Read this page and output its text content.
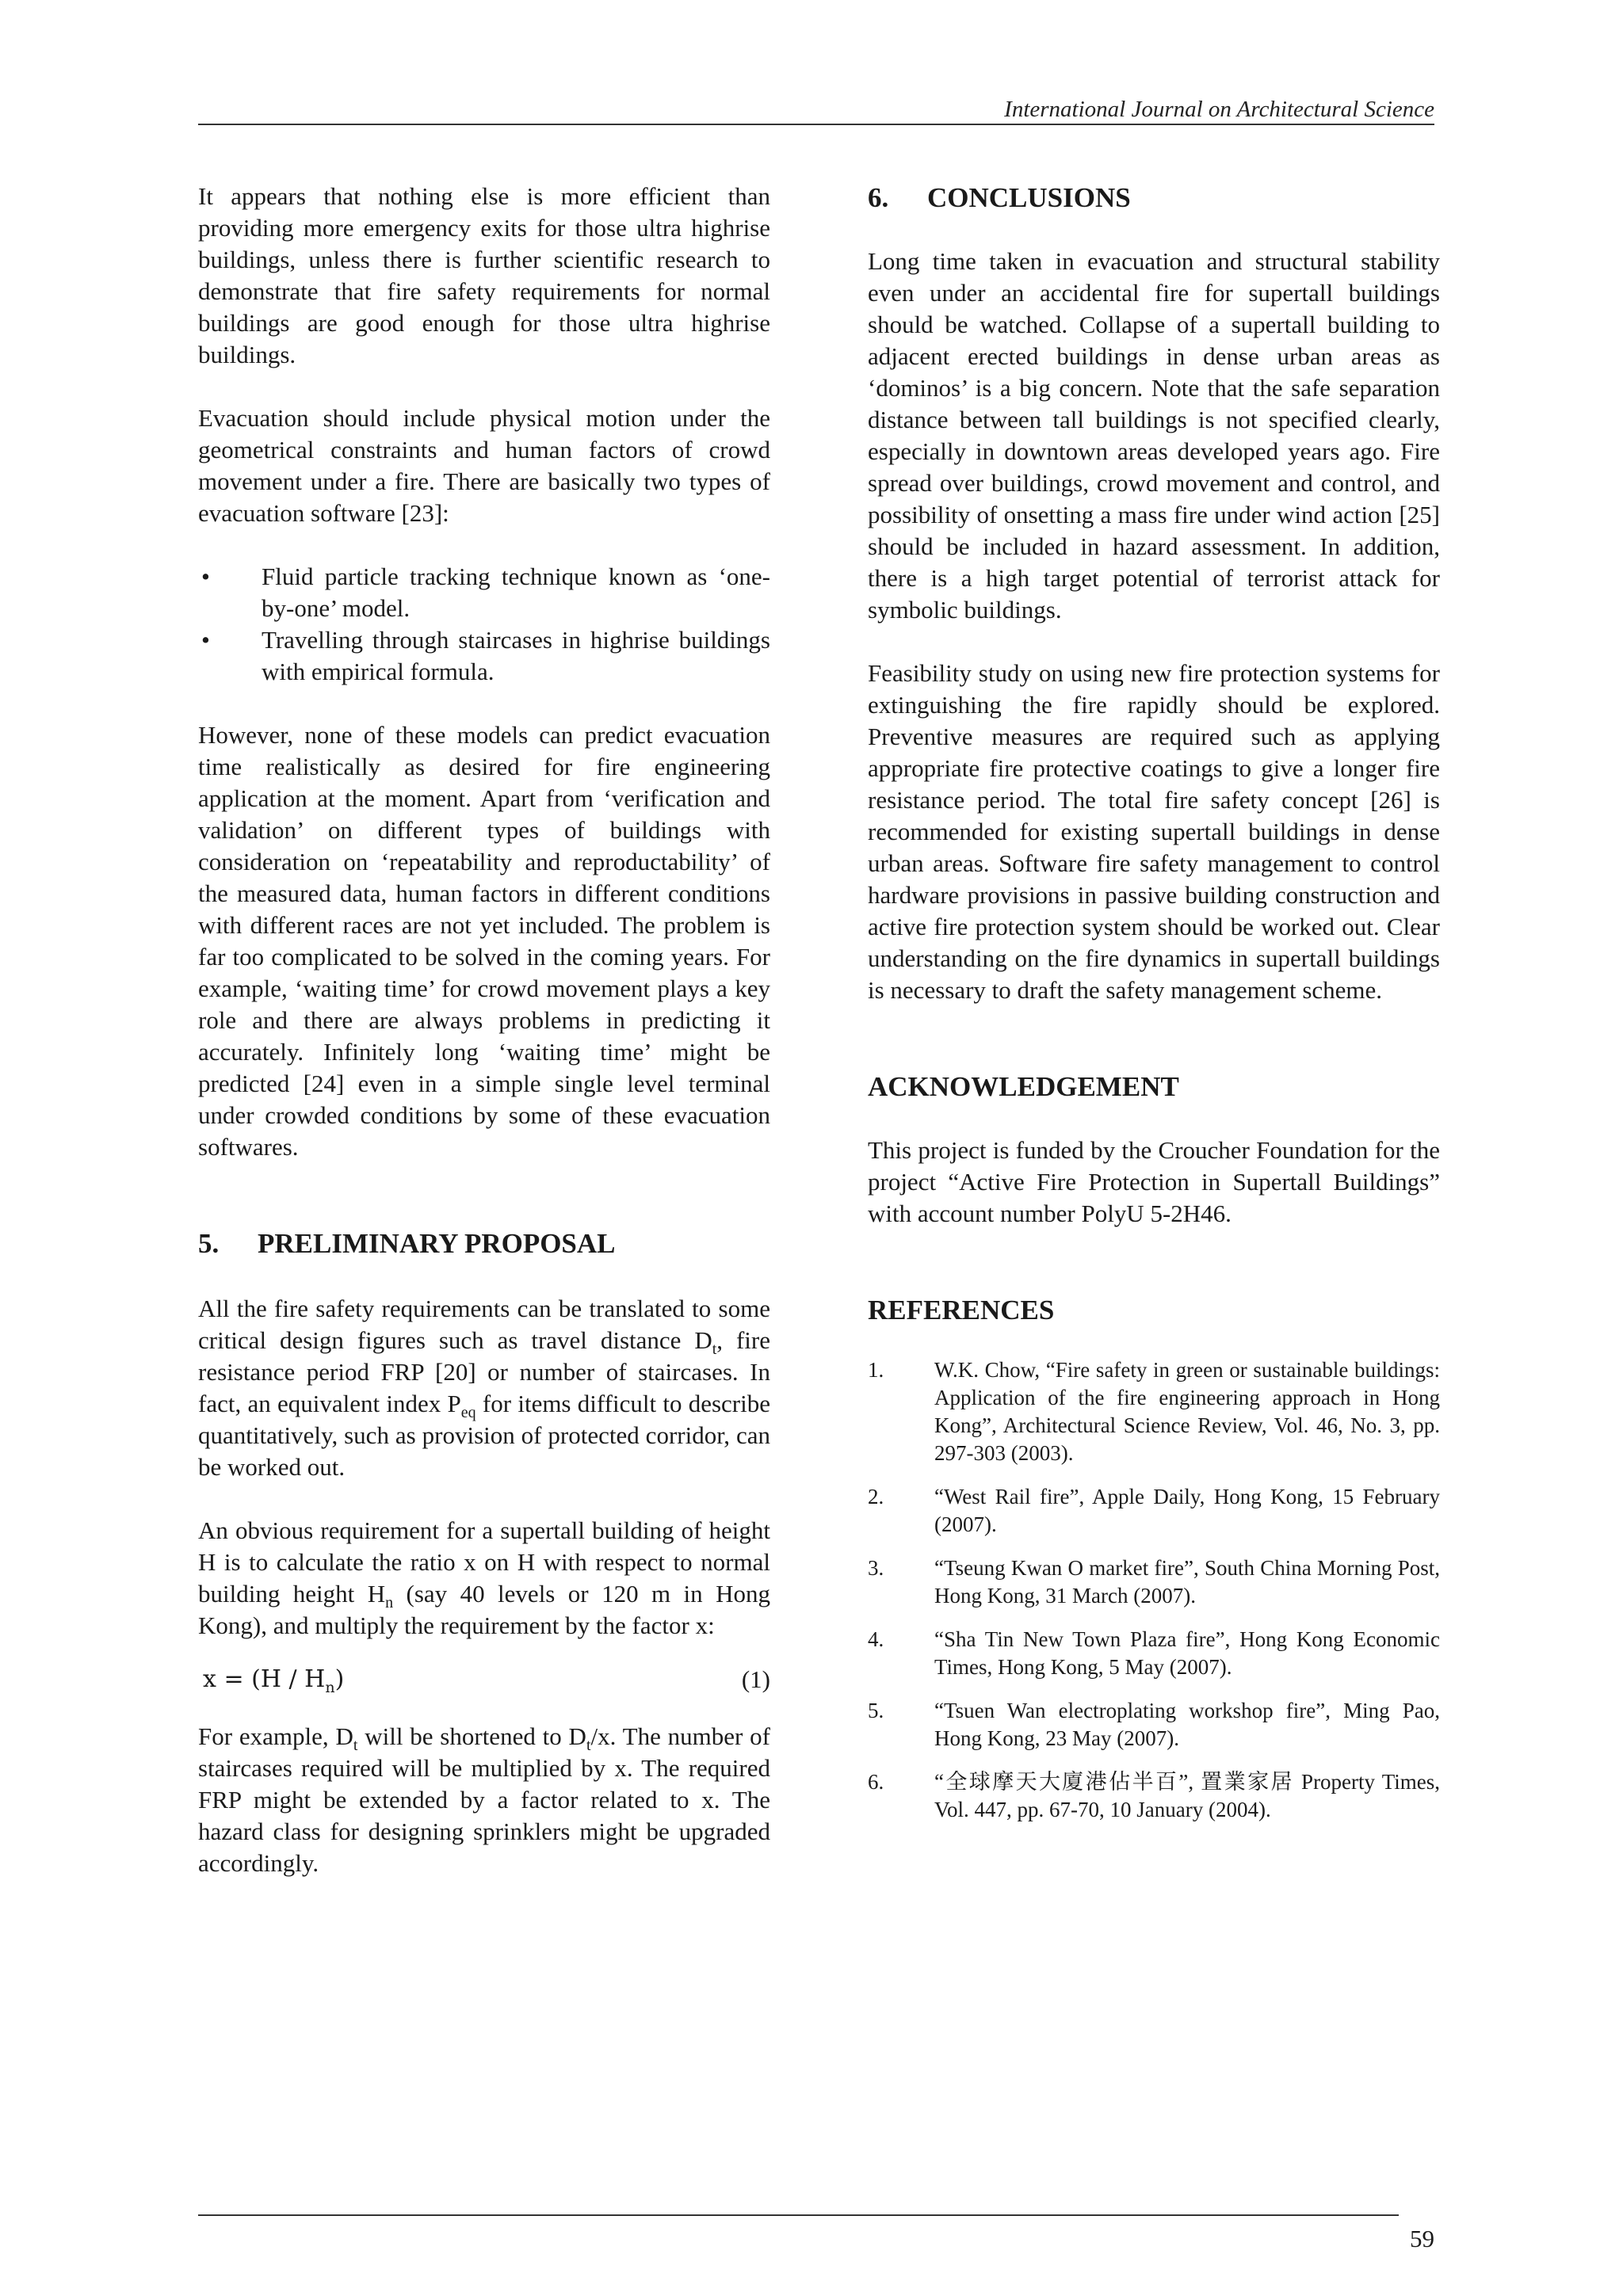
International Journal on Architectural Science

It appears that nothing else is more efficient than providing more emergency exits for those ultra highrise buildings, unless there is further scientific research to demonstrate that fire safety requirements for normal buildings are good enough for those ultra highrise buildings.

Evacuation should include physical motion under the geometrical constraints and human factors of crowd movement under a fire. There are basically two types of evacuation software [23]:

• Fluid particle tracking technique known as ‘one-by-one’ model.
• Travelling through staircases in highrise buildings with empirical formula.

However, none of these models can predict evacuation time realistically as desired for fire engineering application at the moment. Apart from ‘verification and validation’ on different types of buildings with consideration on ‘repeatability and reproductability’ of the measured data, human factors in different conditions with different races are not yet included. The problem is far too complicated to be solved in the coming years. For example, ‘waiting time’ for crowd movement plays a key role and there are always problems in predicting it accurately. Infinitely long ‘waiting time’ might be predicted [24] even in a simple single level terminal under crowded conditions by some of these evacuation softwares.

5. PRELIMINARY PROPOSAL

All the fire safety requirements can be translated to some critical design figures such as travel distance $D_t$, fire resistance period FRP [20] or number of staircases. In fact, an equivalent index $P_{eq}$ for items difficult to describe quantitatively, such as provision of protected corridor, can be worked out.

An obvious requirement for a supertall building of height H is to calculate the ratio x on H with respect to normal building height $H_n$ (say 40 levels or 120 m in Hong Kong), and multiply the requirement by the factor x:

$x = (H / H_n)$	(1)

For example, $D_t$ will be shortened to $D_t/x$. The number of staircases required will be multiplied by x. The required FRP might be extended by a factor related to x. The hazard class for designing sprinklers might be upgraded accordingly.

6. CONCLUSIONS

Long time taken in evacuation and structural stability even under an accidental fire for supertall buildings should be watched. Collapse of a supertall building to adjacent erected buildings in dense urban areas as ‘dominos’ is a big concern. Note that the safe separation distance between tall buildings is not specified clearly, especially in downtown areas developed years ago. Fire spread over buildings, crowd movement and control, and possibility of onsetting a mass fire under wind action [25] should be included in hazard assessment. In addition, there is a high target potential of terrorist attack for symbolic buildings.

Feasibility study on using new fire protection systems for extinguishing the fire rapidly should be explored. Preventive measures are required such as applying appropriate fire protective coatings to give a longer fire resistance period. The total fire safety concept [26] is recommended for existing supertall buildings in dense urban areas. Software fire safety management to control hardware provisions in passive building construction and active fire protection system should be worked out. Clear understanding on the fire dynamics in supertall buildings is necessary to draft the safety management scheme.

ACKNOWLEDGEMENT

This project is funded by the Croucher Foundation for the project “Active Fire Protection in Supertall Buildings” with account number PolyU 5-2H46.

REFERENCES
1. W.K. Chow, “Fire safety in green or sustainable buildings: Application of the fire engineering approach in Hong Kong”, Architectural Science Review, Vol. 46, No. 3, pp. 297-303 (2003).
2. “West Rail fire”, Apple Daily, Hong Kong, 15 February (2007).
3. “Tseung Kwan O market fire”, South China Morning Post, Hong Kong, 31 March (2007).
4. “Sha Tin New Town Plaza fire”, Hong Kong Economic Times, Hong Kong, 5 May (2007).
5. “Tsuen Wan electroplating workshop fire”, Ming Pao, Hong Kong, 23 May (2007).
6. “全球摩天大廈港佔半百”, 置業家居 Property Times, Vol. 447, pp. 67-70, 10 January (2004).
59
